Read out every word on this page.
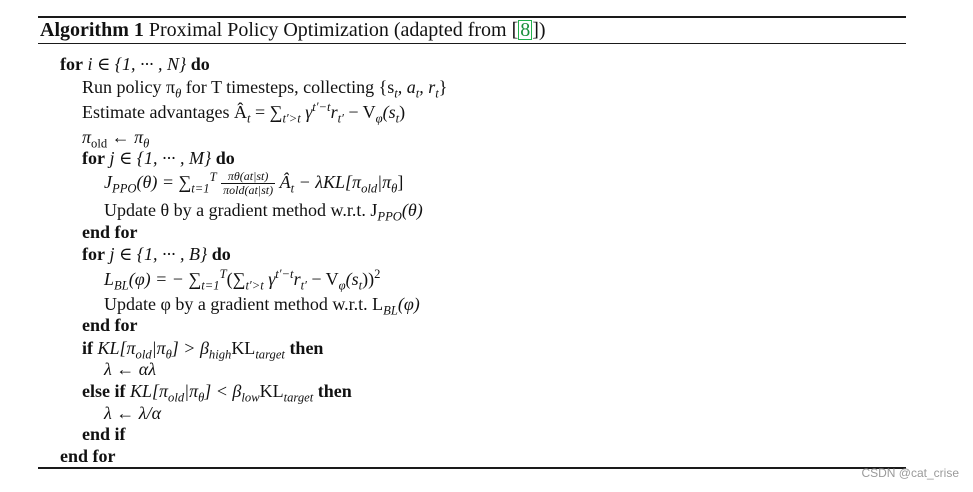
Algorithm 1 Proximal Policy Optimization (adapted from [ 8 ])
for i ∈ {1, ··· , N} do
Run policy $\pi_\theta$ for T timesteps, collecting {$s_t$, $a_t$, $r_t$}
Estimate advantages $Â_t = \sum_{t'>t}$ $\gamma^{t'-t}r_{t'} - V_\varphi(s_t)$
$\pi_{old}$ ← $\pi_\theta$
for j ∈ {1, ··· , M} do
$J_{PPO}(\theta) = \sum_{t=1}^T \frac{\pi\theta(at|st)}{\text{πold(at|st)}}$ $Â_t - \lambda KL[\pi_{old}|\pi_\theta]$
Update θ by a gradient method w.r.t. $J_{PPO}(\theta)$
end for
for j ∈ {1, ··· , B} do
$L_{BL}(\varphi)$ = − $\sum_{t=1}^T(\sum_{t'>t}$ $\gamma^{t'-t}r_{t'} - V_\varphi(s_t))^2$
Update φ by a gradient method w.r.t. $L_{BL}(\varphi)$
end for
if $KL[\pi_{old}|\pi_\theta] > \beta_{high}KL_{target}$ then
λ ← αλ
else if $KL[\pi_{old}|\pi_\theta] < \beta_{low}KL_{target}$ then
λ ← λ/α
end if
end for
CSDN @cat_crise
